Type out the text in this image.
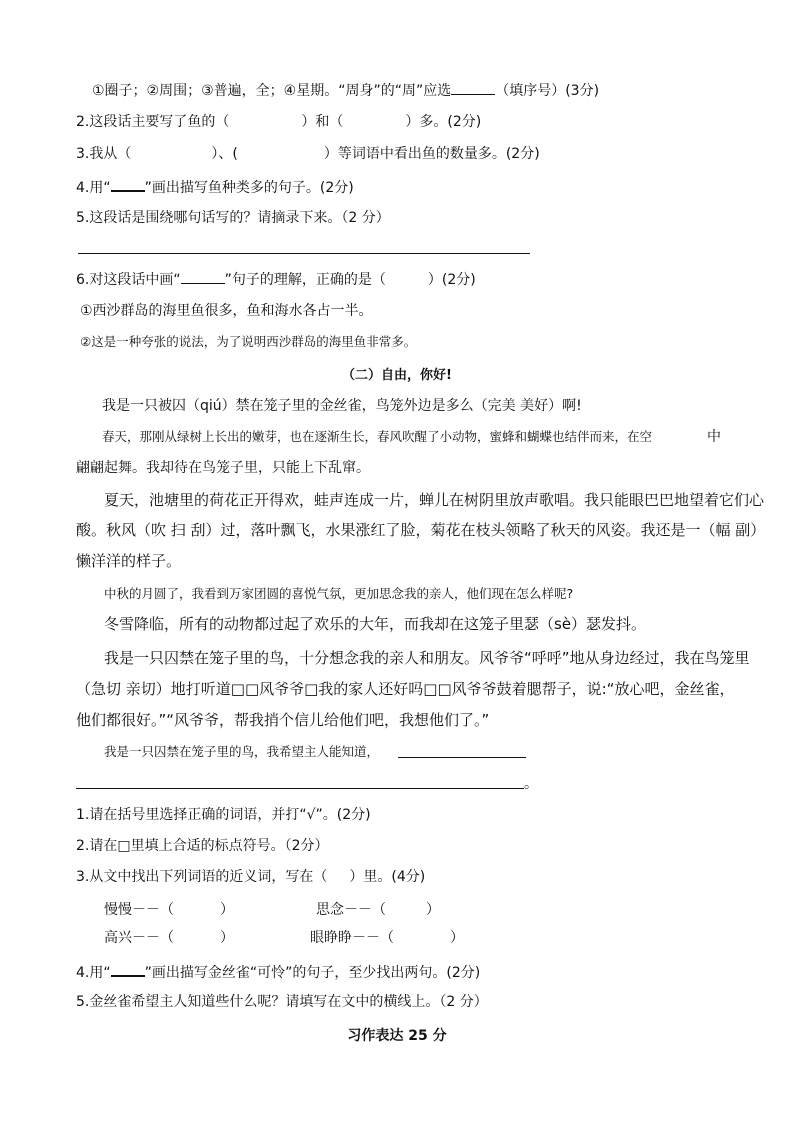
①圈子；②周围；③普遍，全；④星期。“周身”的“周”应选	（填序号）(3分)
2.这段话主要写了鱼的（	）和（	）多。(2分)
3.我从（	）、(	）等词语中看出鱼的数量多。(2分)
4.用“ ”画出描写鱼种类多的句子。(2分)
5.这段话是围绕哪句话写的？请摘录下来。（2 分）
6.对这段话中画“	”句子的理解，正确的是（	）(2分)
①西沙群岛的海里鱼很多，鱼和海水各占一半。
②这是一种夸张的说法，为了说明西沙群岛的海里鱼非常多。
（二）自由，你好!
我是一只被囚（qiú）禁在笼子里的金丝雀，鸟笼外边是多么（完美 美好）啊!
春天，那刚从绿树上长出的嫩芽，也在逐渐生长，春风吹醒了小动物，蜜蜂和蝴蝶也结伴而来，在空	中
翩翩起舞。我却待在鸟笼子里，只能上下乱窜。
夏天，池塘里的荷花正开得欢，蛙声连成一片，蝉儿在树阴里放声歌唱。我只能眼巴巴地望着它们心
酸。秋风（吹 扫 刮）过，落叶飘飞，水果涨红了脸，菊花在枝头领略了秋天的风姿。我还是一（幅 副）
懒洋洋的样子。
中秋的月圆了，我看到万家团圆的喜悦气氛，更加思念我的亲人，他们现在怎么样呢?
冬雪降临，所有的动物都过起了欢乐的大年，而我却在这笼子里瑟（sè）瑟发抖。
我是一只囚禁在笼子里的鸟，十分想念我的亲人和朋友。风爷爷“呼呼”地从身边经过，我在鸟笼里
（急切 亲切）地打听道□□风爷爷□我的家人还好吗□□风爷爷鼓着腮帮子，说:“放心吧，金丝雀，
他们都很好。”“风爷爷，帮我捎个信儿给他们吧，我想他们了。”
我是一只囚禁在笼子里的鸟，我希望主人能知道，
。
1.请在括号里选择正确的词语，并打“√”。(2分)
2.请在□里填上合适的标点符号。（2分）
3.从文中找出下列词语的近义词，写在（ ）里。(4分)
慢慢－－（	）	思念－－（	）
高兴－－（	）	眼睁睁－－（	）
4.用“ ”画出描写金丝雀“可怜”的句子，至少找出两句。(2分)
5.金丝雀希望主人知道些什么呢？请填写在文中的横线上。（2 分）
习作表达 25 分
